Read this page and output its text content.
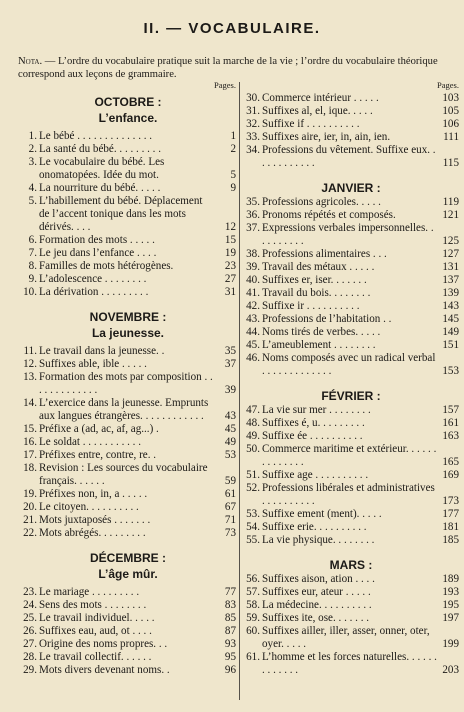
II. — VOCABULAIRE.
Nota. — L’ordre du vocabulaire pratique suit la marche de la vie ; l’ordre du vocabulaire théorique correspond aux leçons de grammaire.
Pages.
OCTOBRE :
L’enfance.
1. Le bébé . . . . . . . . . . . . . .	1
2. La santé du bébé. . . . . . . . .	2
3. Le vocabulaire du bébé. Les onomatopées. Idée du mot.	5
4. La nourriture du bébé. . . . .	9
5. L’habillement du bébé. Déplacement de l’accent tonique dans les mots dérivés. . . .	12
6. Formation des mots . . . . .	15
7. Le jeu dans l’enfance . . . .	19
8. Familles de mots hétérogènes.	23
9. L’adolescence . . . . . . . .	27
10. La dérivation . . . . . . . . .	31
NOVEMBRE :
La jeunesse.
11. Le travail dans la jeunesse. .	35
12. Suffixes able, ible . . . . .	37
13. Formation des mots par composition . . . . . . . . . . . . .	39
14. L’exercice dans la jeunesse. Emprunts aux langues étrangères. . . . . . . . . . . .	43
15. Préfixe a (ad, ac, af, ag...) .	45
16. Le soldat . . . . . . . . . . .	49
17. Préfixes entre, contre, re. .	53
18. Revision : Les sources du vocabulaire français. . . . . .	59
19. Préfixes non, in, a . . . . .	61
20. Le citoyen. . . . . . . . . .	67
21. Mots juxtaposés . . . . . . .	71
22. Mots abrégés. . . . . . . . .	73
DÉCEMBRE :
L’âge mûr.
23. Le mariage . . . . . . . . .	77
24. Sens des mots . . . . . . . .	83
25. Le travail individuel. . . . .	85
26. Suffixes eau, aud, ot . . . .	87
27. Origine des noms propres. . .	93
28. Le travail collectif. . . . . .	95
29. Mots divers devenant noms. .	96
Pages.
30. Commerce intérieur . . . . .	103
31. Suffixes al, el, ique. . . . .	105
32. Suffixe if . . . . . . . . . .	106
33. Suffixes aire, ier, in, ain, ien.	111
34. Professions du vêtement. Suffixe eux. . . . . . . . . . . .	115
JANVIER :
35. Professions agricoles. . . . .	119
36. Pronoms répétés et composés.	121
37. Expressions verbales impersonnelles. . . . . . . . . .	125
38. Professions alimentaires . . .	127
39. Travail des métaux . . . . .	131
40. Suffixes er, iser. . . . . . .	137
41. Travail du bois. . . . . . . .	139
42. Suffixe ir . . . . . . . . . .	143
43. Professions de l’habitation . .	145
44. Noms tirés de verbes. . . . .	149
45. L’ameublement . . . . . . . .	151
46. Noms composés avec un radical verbal . . . . . . . . . . . . .	153
FÉVRIER :
47. La vie sur mer . . . . . . . .	157
48. Suffixes é, u. . . . . . . . .	161
49. Suffixe ée . . . . . . . . . .	163
50. Commerce maritime et extérieur. . . . . . . . . . . . . .	165
51. Suffixe age . . . . . . . . . .	169
52. Professions libérales et administratives . . . . . . . . . .	173
53. Suffixe ement (ment). . . . .	177
54. Suffixe erie. . . . . . . . . .	181
55. La vie physique. . . . . . . .	185
MARS :
56. Suffixes aison, ation . . . .	189
57. Suffixes eur, ateur . . . . .	193
58. La médecine. . . . . . . . . .	195
59. Suffixes ite, ose. . . . . . .	197
60. Suffixes ailler, iller, asser, onner, oter, oyer. . . . .	199
61. L’homme et les forces naturelles. . . . . . . . . . . . .	203
